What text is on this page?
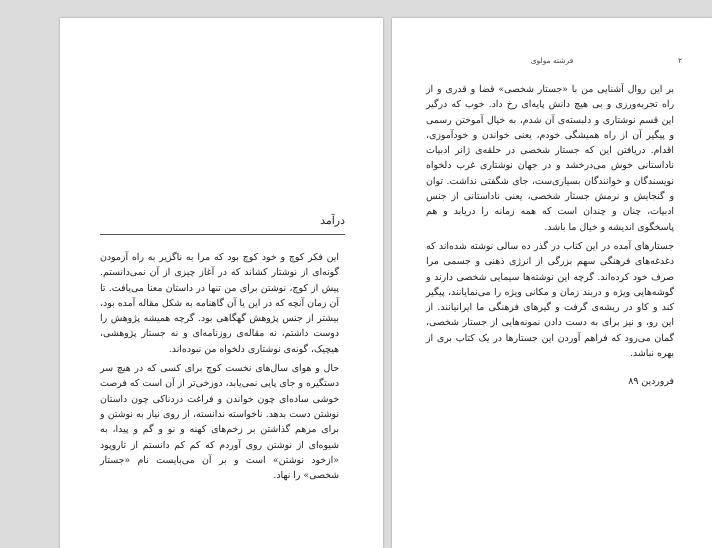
درآمد

این فکر کوچ و خود کوچ بود که مرا به ناگزیر به راه آزمودن گونه‌ای از نوشتار کشاند که در آغاز چیزی از آن نمی‌دانستم. پیش از کوچ، نوشتن برای من تنها در داستان معنا می‌یافت. تا آن زمان آنچه که در این یا آن گاهنامه به شکل مقاله آمده بود، بیشتر از جنس پژوهش گهگاهی بود. گرچه همیشه پژوهش را دوست داشتم، نه مقاله‌ی روزنامه‌ای و نه جستار پژوهشی، هیچیک، گونه‌ی نوشتاری دلخواه من نبوده‌اند.

حال و هوای سال‌های نخست کوچ برای کسی که در هیچ سر دستگیره و جای پایی نمی‌یابد، دوزخی‌تر از آن است که فرصت خوشی ساده‌ای چون خواندن و فراغت دردناکی چون داستان نوشتن دست بدهد. ناخواسته ندانسته، از روی نیاز به نوشتن و برای مرهم گذاشتن بر زخم‌های کهنه و نو و گم و پیدا، به شیوه‌ای از نوشتن روی آوردم که کم کم دانستم از تاروپود «ازخود نوشتن» است و بر آن می‌بایست نام «جستار شخصی» را نهاد.

۲
فرشته مولوی

بر این روال آشنایی من با «جستار شخصی» قضا و قدری و از راه تجربه‌ورزی و بی هیچ دانش پایه‌ای رخ داد. خوب که درگیر این قسم نوشتاری و دلبسته‌ی آن شدم، به خیال آموختن رسمی و پیگیر آن از راه همیشگی خودم، یعنی خواندن و خودآموزی، اقدام. دریافتن این که جستار شخصی در حلقه‌ی ژانر ادبیات ناداستانی خوش می‌درخشد و در جهان نوشتاری غرب دلخواه نویسندگان و خوانندگان بسیاری‌ست، جای شگفتی نداشت. توان و گنجایش و نرمش جستار شخصی، یعنی ناداستانی از جنس ادبیات، چنان و چندان است که همه زمانه را دریابد و هم پاسخگوی اندیشه و خیال ما باشد.

جستارهای آمده در این کتاب در گذر ده سالی نوشته شده‌اند که دغدغه‌های فرهنگی سهم بزرگی از انرژی ذهنی و جسمی مرا صرف خود کرده‌اند. گرچه این نوشته‌ها سیمایی شخصی دارند و گوشه‌هایی ویژه و دربند زمان و مکانی ویژه را می‌نمایانند، پیگیر کند و کاو در ریشه‌ی گرفت و گیرهای فرهنگی ما ایرانیانند. از این رو، و نیز برای به دست دادن نمونه‌هایی از جستار شخصی، گمان می‌رود که فراهم آوردن این جستارها در یک کتاب بری از بهره نباشد.

فروردین ۸۹
